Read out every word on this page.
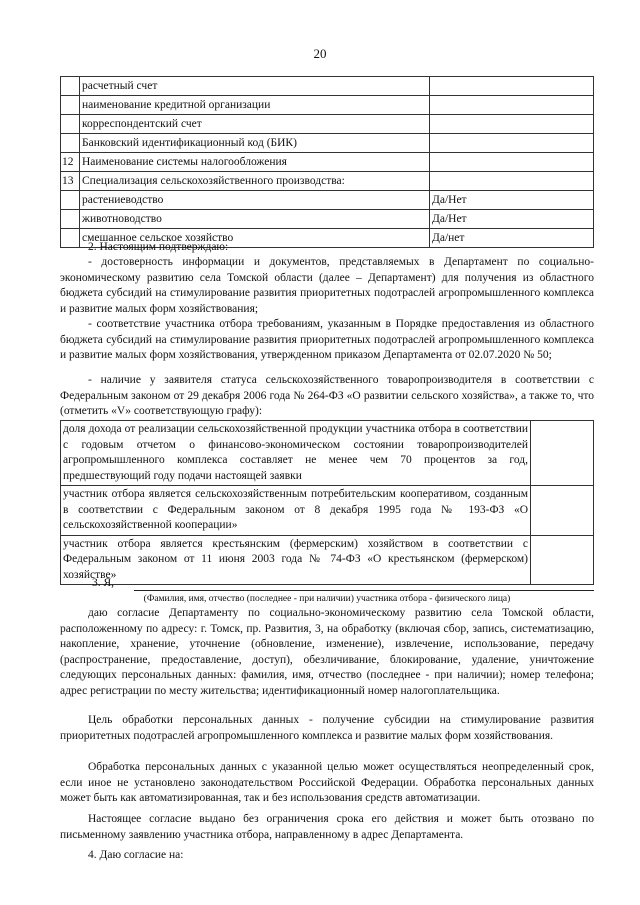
20
	расчетный счет	
	наименование кредитной организации	
	корреспондентский счет	
	Банковский идентификационный код (БИК)	
12	Наименование системы налогообложения	
13	Специализация сельскохозяйственного производства:	
	растениеводство	Да/Нет
	животноводство	Да/Нет
	смешанное сельское хозяйство	Да/нет

2. Настоящим подтверждаю:

- достоверность информации и документов, представляемых в Департамент по социально-экономическому развитию села Томской области (далее – Департамент) для получения из областного бюджета субсидий на стимулирование развития приоритетных подотраслей агропромышленного комплекса и развитие малых форм хозяйствования;

- соответствие участника отбора требованиям, указанным в Порядке предоставления из областного бюджета субсидий на стимулирование развития приоритетных подотраслей агропромышленного комплекса и развитие малых форм хозяйствования, утвержденном приказом Департамента от 02.07.2020 № 50;

- наличие у заявителя статуса сельскохозяйственного товаропроизводителя в соответствии с Федеральным законом от 29 декабря 2006 года № 264-ФЗ «О развитии сельского хозяйства», а также то, что (отметить «V» соответствующую графу):

доля дохода от реализации сельскохозяйственной продукции участника отбора в соответствии с годовым отчетом о финансово-экономическом состоянии товаропроизводителей агропромышленного комплекса составляет не менее чем 70 процентов за год, предшествующий году подачи настоящей заявки	
участник отбора является сельскохозяйственным потребительским кооперативом, созданным в соответствии с Федеральным законом от 8 декабря 1995 года № 193-ФЗ «О сельскохозяйственной кооперации»	
участник отбора является крестьянским (фермерским) хозяйством в соответствии с Федеральным законом от 11 июня 2003 года № 74-ФЗ «О крестьянском (фермерском) хозяйстве»	
3. Я,
(Фамилия, имя, отчество (последнее - при наличии) участника отбора - физического лица)

даю согласие Департаменту по социально-экономическому развитию села Томской области, расположенному по адресу: г. Томск, пр. Развития, 3, на обработку (включая сбор, запись, систематизацию, накопление, хранение, уточнение (обновление, изменение), извлечение, использование, передачу (распространение, предоставление, доступ), обезличивание, блокирование, удаление, уничтожение следующих персональных данных: фамилия, имя, отчество (последнее - при наличии); номер телефона; адрес регистрации по месту жительства; идентификационный номер налогоплательщика.

Цель обработки персональных данных - получение субсидии на стимулирование развития приоритетных подотраслей агропромышленного комплекса и развитие малых форм хозяйствования.

Обработка персональных данных с указанной целью может осуществляться неопределенный срок, если иное не установлено законодательством Российской Федерации. Обработка персональных данных может быть как автоматизированная, так и без использования средств автоматизации.

Настоящее согласие выдано без ограничения срока его действия и может быть отозвано по письменному заявлению участника отбора, направленному в адрес Департамента.

4. Даю согласие на:
